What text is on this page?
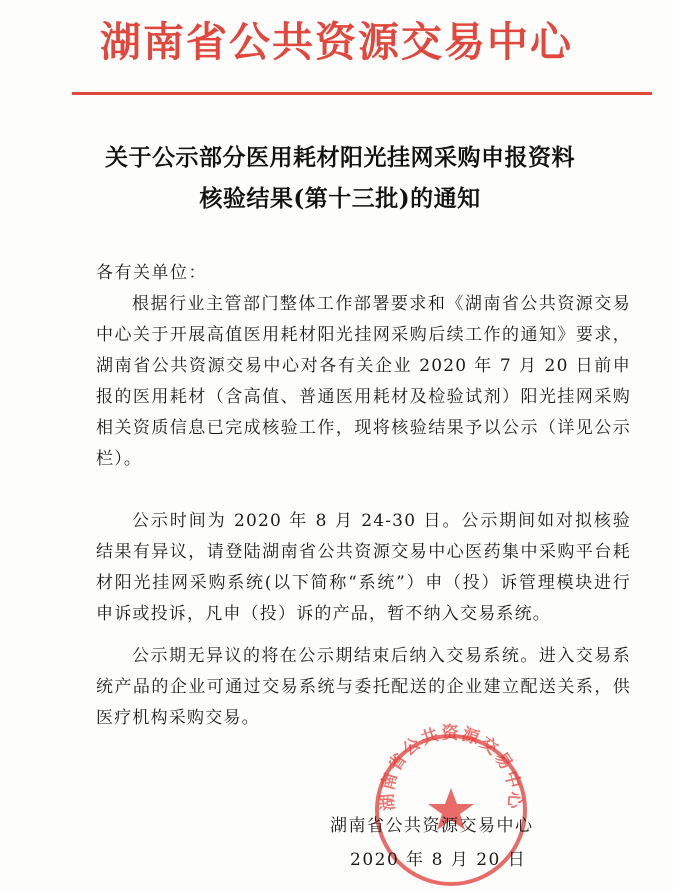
湖南省公共资源交易中心
关于公示部分医用耗材阳光挂网采购申报资料
核验结果(第十三批)的通知
各有关单位：

根据行业主管部门整体工作部署要求和《湖南省公共资源交易中心关于开展高值医用耗材阳光挂网采购后续工作的通知》要求，湖南省公共资源交易中心对各有关企业 2020 年 7 月 20 日前申报的医用耗材（含高值、普通医用耗材及检验试剂）阳光挂网采购相关资质信息已完成核验工作，现将核验结果予以公示（详见公示栏）。

公示时间为 2020 年 8 月 24-30 日。公示期间如对拟核验结果有异议，请登陆湖南省公共资源交易中心医药集中采购平台耗材阳光挂网采购系统(以下简称“系统”）申（投）诉管理模块进行申诉或投诉，凡申（投）诉的产品，暂不纳入交易系统。

公示期无异议的将在公示期结束后纳入交易系统。进入交易系统产品的企业可通过交易系统与委托配送的企业建立配送关系，供医疗机构采购交易。

湖南省公共资源交易中心
湖南省公共资源交易中心
2020 年 8 月 20 日
